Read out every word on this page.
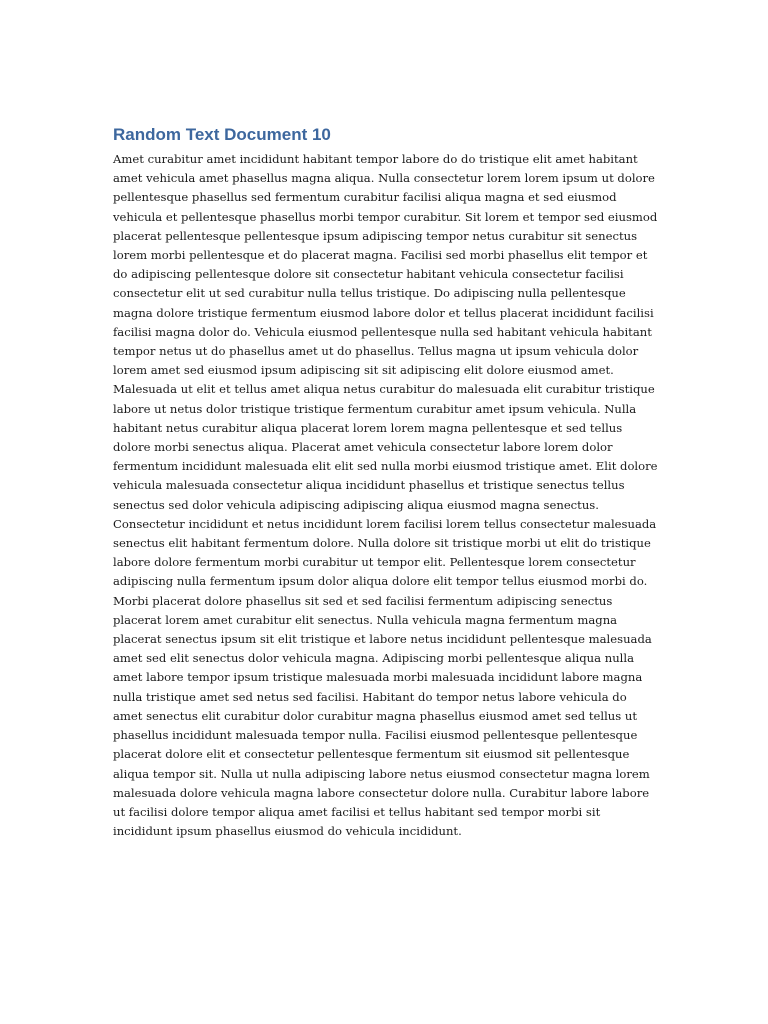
Random Text Document 10

Amet curabitur amet incididunt habitant tempor labore do do tristique elit amet habitant amet vehicula amet phasellus magna aliqua. Nulla consectetur lorem lorem ipsum ut dolore pellentesque phasellus sed fermentum curabitur facilisi aliqua magna et sed eiusmod vehicula et pellentesque phasellus morbi tempor curabitur. Sit lorem et tempor sed eiusmod placerat pellentesque pellentesque ipsum adipiscing tempor netus curabitur sit senectus lorem morbi pellentesque et do placerat magna. Facilisi sed morbi phasellus elit tempor et do adipiscing pellentesque dolore sit consectetur habitant vehicula consectetur facilisi consectetur elit ut sed curabitur nulla tellus tristique. Do adipiscing nulla pellentesque magna dolore tristique fermentum eiusmod labore dolor et tellus placerat incididunt facilisi facilisi magna dolor do. Vehicula eiusmod pellentesque nulla sed habitant vehicula habitant tempor netus ut do phasellus amet ut do phasellus. Tellus magna ut ipsum vehicula dolor lorem amet sed eiusmod ipsum adipiscing sit sit adipiscing elit dolore eiusmod amet. Malesuada ut elit et tellus amet aliqua netus curabitur do malesuada elit curabitur tristique labore ut netus dolor tristique tristique fermentum curabitur amet ipsum vehicula. Nulla habitant netus curabitur aliqua placerat lorem lorem magna pellentesque et sed tellus dolore morbi senectus aliqua. Placerat amet vehicula consectetur labore lorem dolor fermentum incididunt malesuada elit elit sed nulla morbi eiusmod tristique amet. Elit dolore vehicula malesuada consectetur aliqua incididunt phasellus et tristique senectus tellus senectus sed dolor vehicula adipiscing adipiscing aliqua eiusmod magna senectus. Consectetur incididunt et netus incididunt lorem facilisi lorem tellus consectetur malesuada senectus elit habitant fermentum dolore. Nulla dolore sit tristique morbi ut elit do tristique labore dolore fermentum morbi curabitur ut tempor elit. Pellentesque lorem consectetur adipiscing nulla fermentum ipsum dolor aliqua dolore elit tempor tellus eiusmod morbi do. Morbi placerat dolore phasellus sit sed et sed facilisi fermentum adipiscing senectus placerat lorem amet curabitur elit senectus. Nulla vehicula magna fermentum magna placerat senectus ipsum sit elit tristique et labore netus incididunt pellentesque malesuada amet sed elit senectus dolor vehicula magna. Adipiscing morbi pellentesque aliqua nulla amet labore tempor ipsum tristique malesuada morbi malesuada incididunt labore magna nulla tristique amet sed netus sed facilisi. Habitant do tempor netus labore vehicula do amet senectus elit curabitur dolor curabitur magna phasellus eiusmod amet sed tellus ut phasellus incididunt malesuada tempor nulla. Facilisi eiusmod pellentesque pellentesque placerat dolore elit et consectetur pellentesque fermentum sit eiusmod sit pellentesque aliqua tempor sit. Nulla ut nulla adipiscing labore netus eiusmod consectetur magna lorem malesuada dolore vehicula magna labore consectetur dolore nulla. Curabitur labore labore ut facilisi dolore tempor aliqua amet facilisi et tellus habitant sed tempor morbi sit incididunt ipsum phasellus eiusmod do vehicula incididunt.
